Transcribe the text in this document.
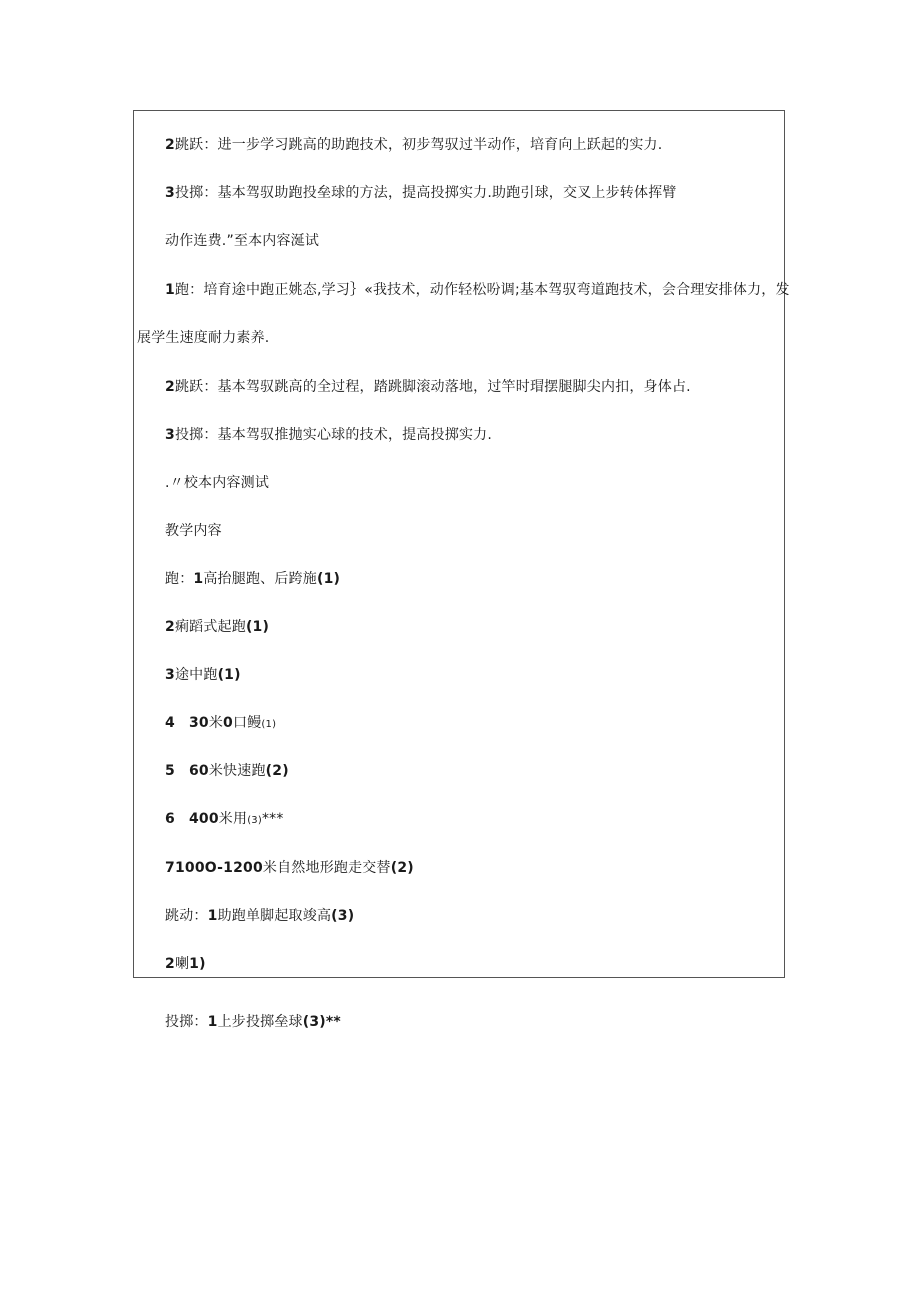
2跳跃：进一步学习跳高的助跑技术，初步驾驭过半动作，培育向上跃起的实力.
3投掷：基本驾驭助跑投垒球的方法，提高投掷实力.助跑引球，交叉上步转体挥臂
动作连费.”至本内容涎试
1跑：培育途中跑正姚态,学习｝«我技术，动作轻松吩调;基本驾驭弯道跑技术，会合理安排体力，发
展学生速度耐力素养.
2跳跃：基本驾驭跳高的全过程，踏跳脚滚动落地，过竿时瑁摆腿脚尖内扣，身体占.
3投掷：基本驾驭推抛实心球的技术，提高投掷实力.
.〃校本内容测试
教学内容
跑：1高抬腿跑、后跨施(1)
2痢蹈式起跑(1)
3途中跑(1)
4 30米0口鳗(1)
5 60米快速跑(2)
6 400米用(3)***
7100O-1200米自然地形跑走交替(2)
跳动：1助跑单脚起取竣高(3)
2喇1)
投掷：1上步投掷垒球(3)**
